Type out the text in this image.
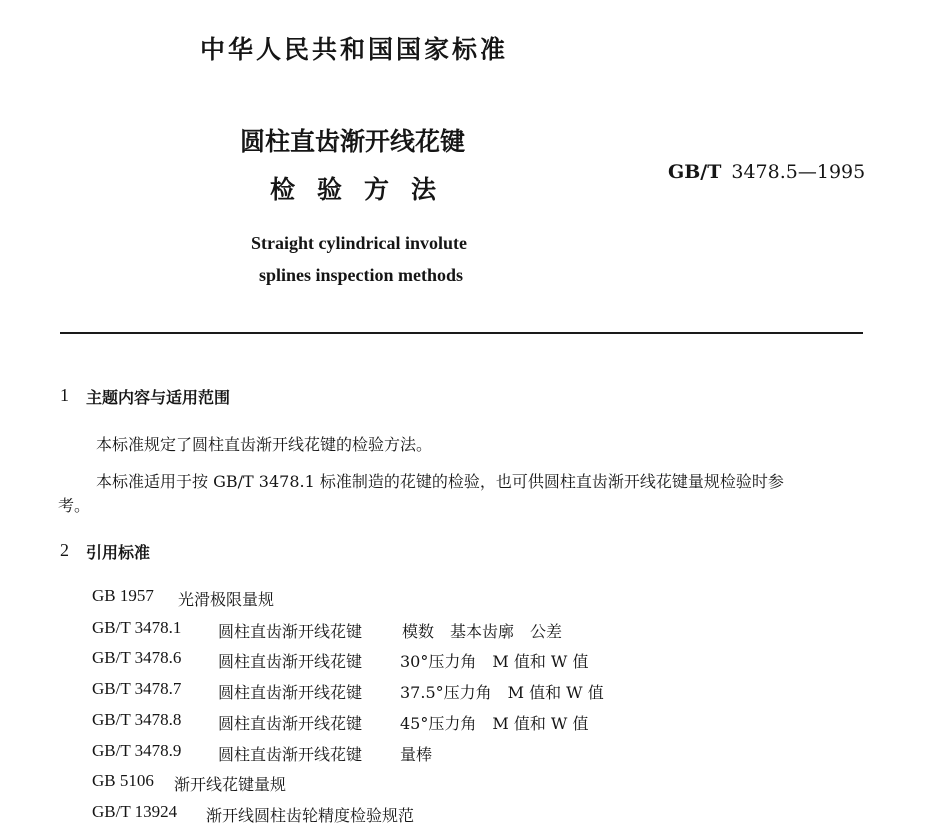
中华人民共和国国家标准
圆柱直齿渐开线花键
检验方法
GB/T 3478.5—1995
Straight cylindrical involute
splines inspection methods
1 主题内容与适用范围
本标准规定了圆柱直齿渐开线花键的检验方法。
本标准适用于按 GB/T 3478.1 标准制造的花键的检验，也可供圆柱直齿渐开线花键量规检验时参
考。
2 引用标准
GB 1957 光滑极限量规
GB/T 3478.1 圆柱直齿渐开线花键 模数　基本齿廓　公差
GB/T 3478.6 圆柱直齿渐开线花键 30°压力角　M 值和 W 值
GB/T 3478.7 圆柱直齿渐开线花键 37.5°压力角　M 值和 W 值
GB/T 3478.8 圆柱直齿渐开线花键 45°压力角　M 值和 W 值
GB/T 3478.9 圆柱直齿渐开线花键 量棒
GB 5106 渐开线花键量规
GB/T 13924 渐开线圆柱齿轮精度检验规范
